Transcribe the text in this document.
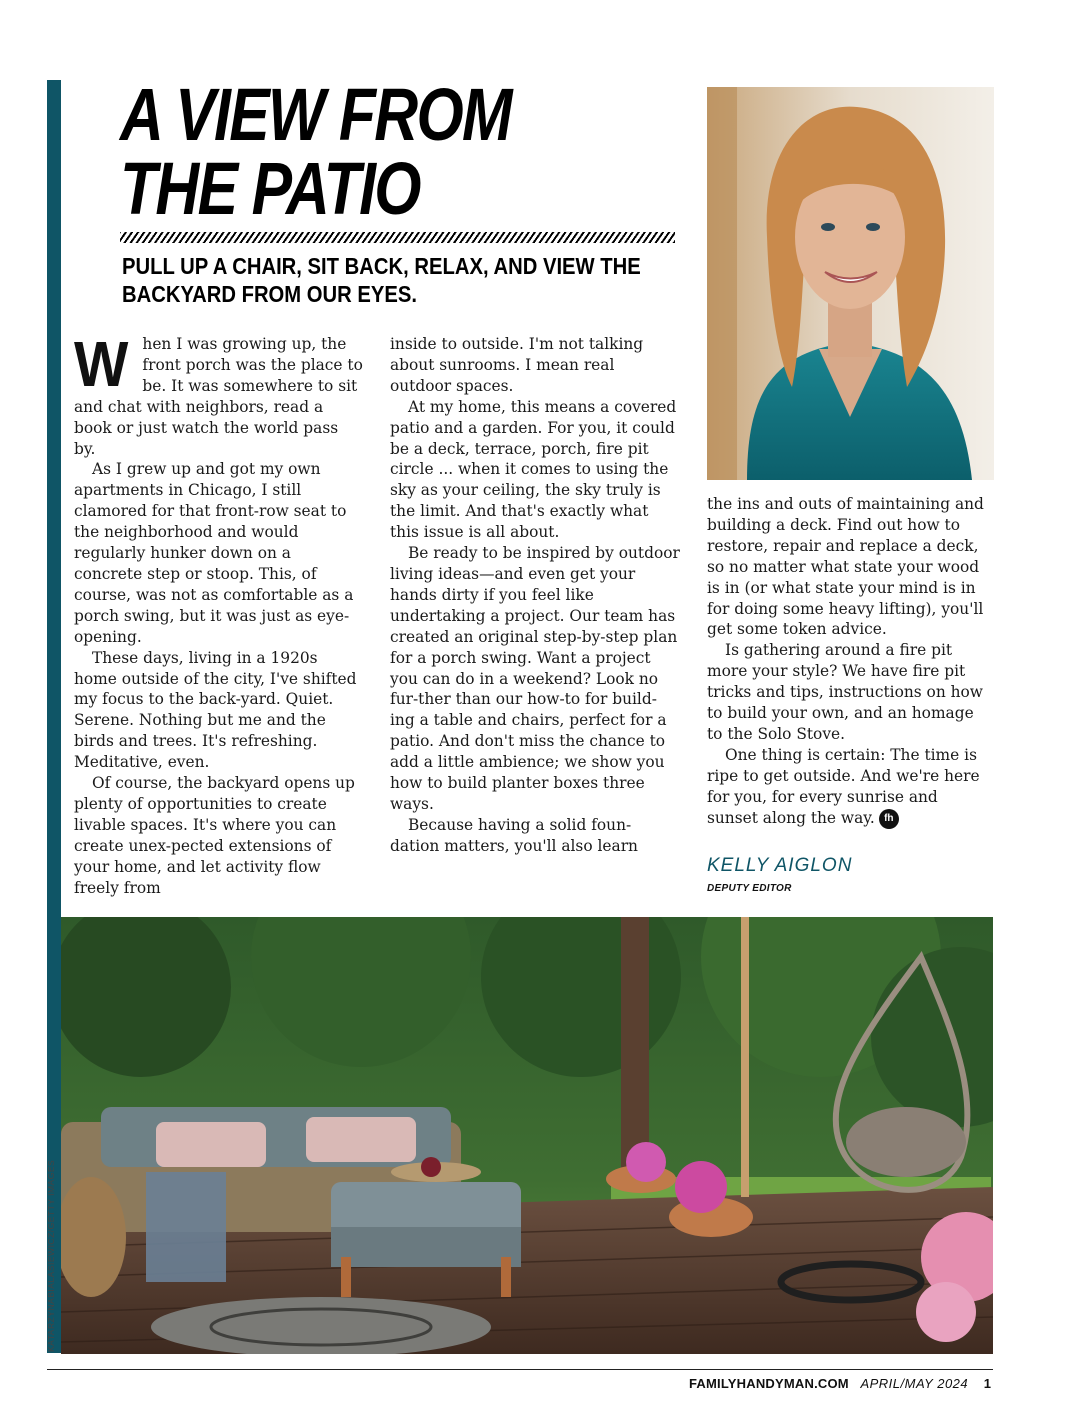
A VIEW FROM THE PATIO
PULL UP A CHAIR, SIT BACK, RELAX, AND VIEW THE BACKYARD FROM OUR EYES.

When I was growing up, the front porch was the place to be. It was somewhere to sit and chat with neighbors, read a book or just watch the world pass by.

As I grew up and got my own apartments in Chicago, I still clamored for that front-row seat to the neighborhood and would regularly hunker down on a concrete step or stoop. This, of course, was not as comfortable as a porch swing, but it was just as eye-opening.

These days, living in a 1920s home outside of the city, I've shifted my focus to the back-yard. Quiet. Serene. Nothing but me and the birds and trees. It's refreshing. Meditative, even.

Of course, the backyard opens up plenty of opportunities to create livable spaces. It's where you can create unex-pected extensions of your home, and let activity flow freely from

inside to outside. I'm not talking about sunrooms. I mean real outdoor spaces.

At my home, this means a covered patio and a garden. For you, it could be a deck, terrace, porch, fire pit circle ... when it comes to using the sky as your ceiling, the sky truly is the limit. And that's exactly what this issue is all about.

Be ready to be inspired by outdoor living ideas—and even get your hands dirty if you feel like undertaking a project. Our team has created an original step-by-step plan for a porch swing. Want a project you can do in a weekend? Look no fur-ther than our how-to for build-ing a table and chairs, perfect for a patio. And don't miss the chance to add a little ambience; we show you how to build planter boxes three ways.

Because having a solid foun-dation matters, you'll also learn

the ins and outs of maintaining and building a deck. Find out how to restore, repair and replace a deck, so no matter what state your wood is in (or what state your mind is in for doing some heavy lifting), you'll get some token advice.

Is gathering around a fire pit more your style? We have fire pit tricks and tips, instructions on how to build your own, and an homage to the Solo Stove.

One thing is certain: The time is ripe to get outside. And we're here for you, for every sunrise and sunset along the way. fh

KELLY AIGLON
DEPUTY EDITOR
KATARZYNABIALASIEWICZ/GETTY IMAGES
FAMILYHANDYMAN.COM APRIL/MAY 2024 1
